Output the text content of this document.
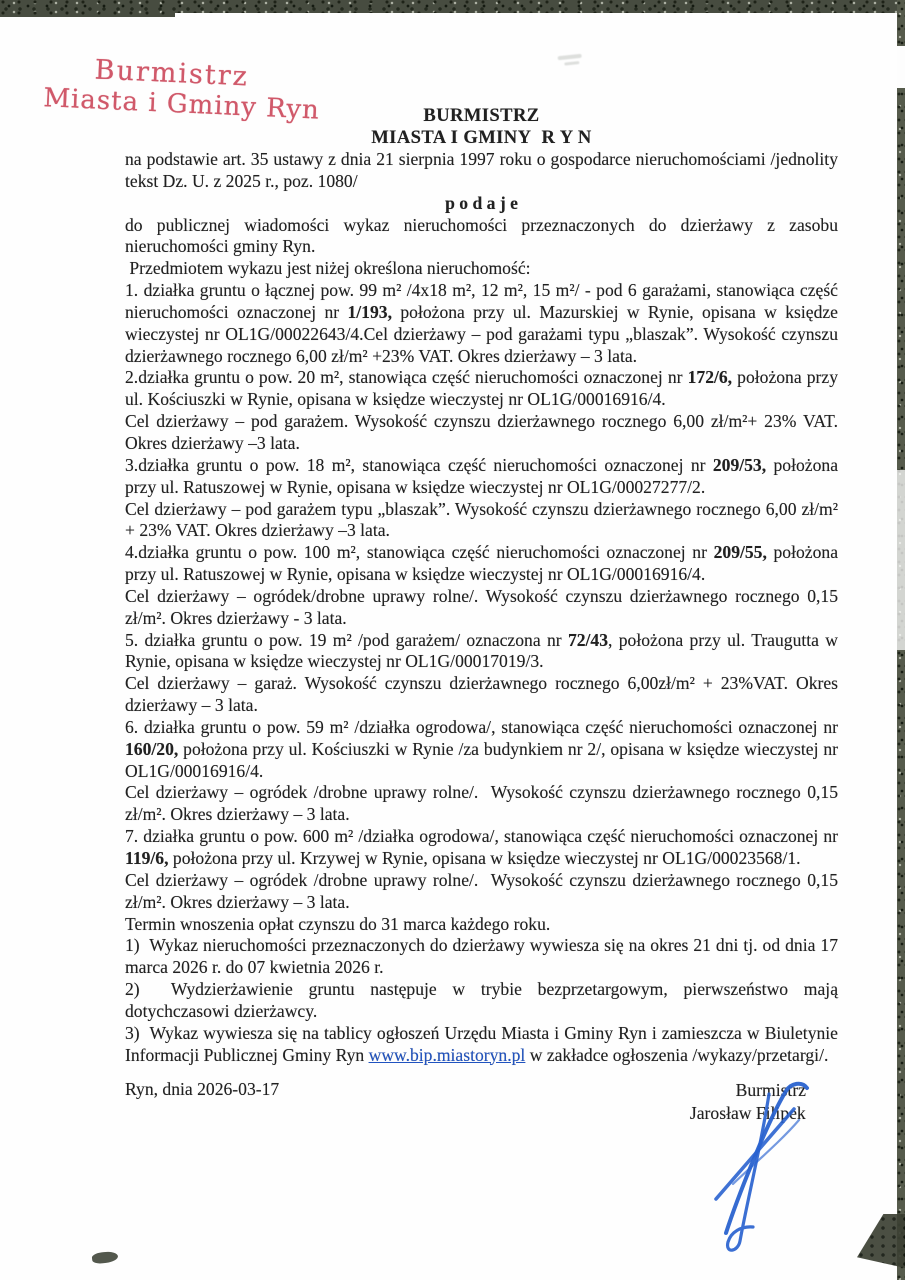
Burmistrz
Miasta i Gminy Ryn	BURMISTRZ

MIASTA I GMINY  R Y N

na podstawie art. 35 ustawy z dnia 21 sierpnia 1997 roku o gospodarce nieruchomościami /jednolity tekst Dz. U. z 2025 r., poz. 1080/

p o d a j e

do publicznej wiadomości wykaz nieruchomości przeznaczonych do dzierżawy z zasobu nieruchomości gminy Ryn.

Przedmiotem wykazu jest niżej określona nieruchomość:

1. działka gruntu o łącznej pow. 99 m² /4x18 m², 12 m², 15 m²/ - pod 6 garażami, stanowiąca część nieruchomości oznaczonej nr 1/193, położona przy ul. Mazurskiej w Rynie, opisana w księdze wieczystej nr OL1G/00022643/4.Cel dzierżawy – pod garażami typu „blaszak”. Wysokość czynszu dzierżawnego rocznego 6,00 zł/m² +23% VAT. Okres dzierżawy – 3 lata.

2.działka gruntu o pow. 20 m², stanowiąca część nieruchomości oznaczonej nr 172/6, położona przy ul. Kościuszki w Rynie, opisana w księdze wieczystej nr OL1G/00016916/4.

Cel dzierżawy – pod garażem. Wysokość czynszu dzierżawnego rocznego 6,00 zł/m²+ 23% VAT. Okres dzierżawy –3 lata.

3.działka gruntu o pow. 18 m², stanowiąca część nieruchomości oznaczonej nr 209/53, położona przy ul. Ratuszowej w Rynie, opisana w księdze wieczystej nr OL1G/00027277/2.

Cel dzierżawy – pod garażem typu „blaszak”. Wysokość czynszu dzierżawnego rocznego 6,00 zł/m² + 23% VAT. Okres dzierżawy –3 lata.

4.działka gruntu o pow. 100 m², stanowiąca część nieruchomości oznaczonej nr 209/55, położona przy ul. Ratuszowej w Rynie, opisana w księdze wieczystej nr OL1G/00016916/4.

Cel dzierżawy – ogródek/drobne uprawy rolne/. Wysokość czynszu dzierżawnego rocznego 0,15 zł/m². Okres dzierżawy - 3 lata.

5. działka gruntu o pow. 19 m² /pod garażem/ oznaczona nr 72/43, położona przy ul. Traugutta w Rynie, opisana w księdze wieczystej nr OL1G/00017019/3.

Cel dzierżawy – garaż. Wysokość czynszu dzierżawnego rocznego 6,00zł/m² + 23%VAT. Okres dzierżawy – 3 lata.

6. działka gruntu o pow. 59 m² /działka ogrodowa/, stanowiąca część nieruchomości oznaczonej nr 160/20, położona przy ul. Kościuszki w Rynie /za budynkiem nr 2/, opisana w księdze wieczystej nr OL1G/00016916/4.

Cel dzierżawy – ogródek /drobne uprawy rolne/.  Wysokość czynszu dzierżawnego rocznego 0,15 zł/m². Okres dzierżawy – 3 lata.

7. działka gruntu o pow. 600 m² /działka ogrodowa/, stanowiąca część nieruchomości oznaczonej nr 119/6, położona przy ul. Krzywej w Rynie, opisana w księdze wieczystej nr OL1G/00023568/1.

Cel dzierżawy – ogródek /drobne uprawy rolne/.  Wysokość czynszu dzierżawnego rocznego 0,15 zł/m². Okres dzierżawy – 3 lata.

Termin wnoszenia opłat czynszu do 31 marca każdego roku.

1)  Wykaz nieruchomości przeznaczonych do dzierżawy wywiesza się na okres 21 dni tj. od dnia 17 marca 2026 r. do 07 kwietnia 2026 r.

2)  Wydzierżawienie gruntu następuje w trybie bezprzetargowym, pierwszeństwo mają dotychczasowi dzierżawcy.

3)  Wykaz wywiesza się na tablicy ogłoszeń Urzędu Miasta i Gminy Ryn i zamieszcza w Biuletynie Informacji Publicznej Gminy Ryn www.bip.miastoryn.pl w zakładce ogłoszenia /wykazy/przetargi/.

Ryn, dnia 2026-03-17	Burmistrz
Jarosław Filipek
